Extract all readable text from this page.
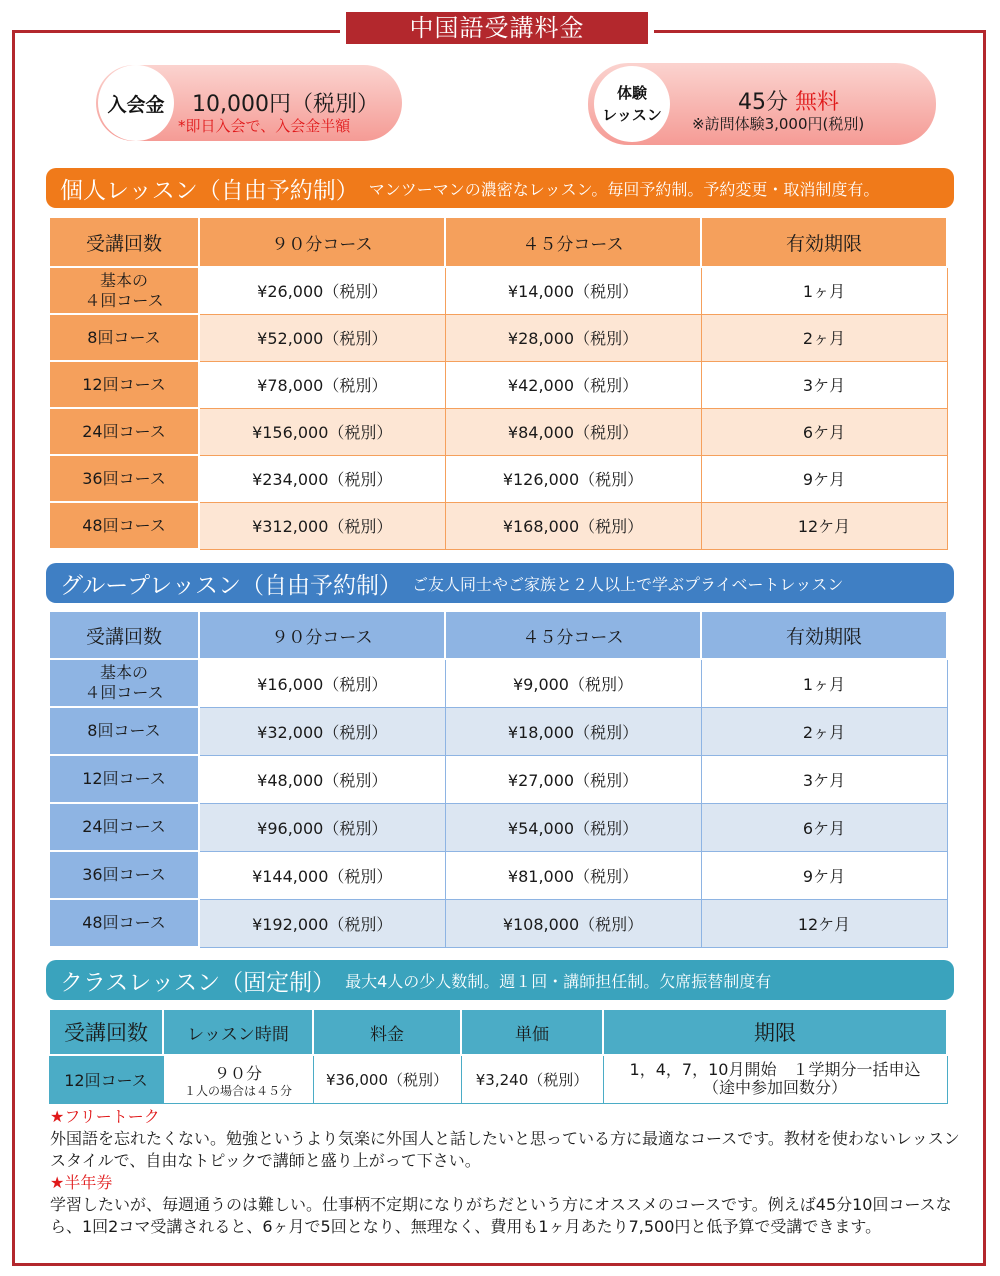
中国語受講料金
入会金 10,000円（税別）
*即日入会で、入会金半額
体験
レッスン	45分 無料
※訪問体験3,000円(税別)
個人レッスン（自由予約制） マンツーマンの濃密なレッスン。毎回予約制。予約変更・取消制度有。
受講回数	９０分コース	４５分コース	有効期限
基本の
４回コース	¥26,000（税別）	¥14,000（税別）	1ヶ月
8回コース	¥52,000（税別）	¥28,000（税別）	2ヶ月
12回コース	¥78,000（税別）	¥42,000（税別）	3ケ月
24回コース	¥156,000（税別）	¥84,000（税別）	6ケ月
36回コース	¥234,000（税別）	¥126,000（税別）	9ケ月
48回コース	¥312,000（税別）	¥168,000（税別）	12ケ月
グループレッスン（自由予約制） ご友人同士やご家族と２人以上で学ぶプライベートレッスン
受講回数	９０分コース	４５分コース	有効期限
基本の
４回コース	¥16,000（税別）	¥9,000（税別）	1ヶ月
8回コース	¥32,000（税別）	¥18,000（税別）	2ヶ月
12回コース	¥48,000（税別）	¥27,000（税別）	3ケ月
24回コース	¥96,000（税別）	¥54,000（税別）	6ケ月
36回コース	¥144,000（税別）	¥81,000（税別）	9ケ月
48回コース	¥192,000（税別）	¥108,000（税別）	12ケ月
クラスレッスン（固定制） 最大4人の少人数制。週１回・講師担任制。欠席振替制度有
受講回数	レッスン時間	料金	単価	期限
12回コース	９０分
１人の場合は４５分	¥36,000（税別）	¥3,240（税別）	1，4，7，10月開始　１学期分一括申込
（途中参加回数分）
★フリートーク
外国語を忘れたくない。勉強というより気楽に外国人と話したいと思っている方に最適なコースです。教材を使わないレッスンスタイルで、自由なトピックで講師と盛り上がって下さい。
★半年券
学習したいが、毎週通うのは難しい。仕事柄不定期になりがちだという方にオススメのコースです。例えば45分10回コースなら、1回2コマ受講されると、6ヶ月で5回となり、無理なく、費用も1ヶ月あたり7,500円と低予算で受講できます。
